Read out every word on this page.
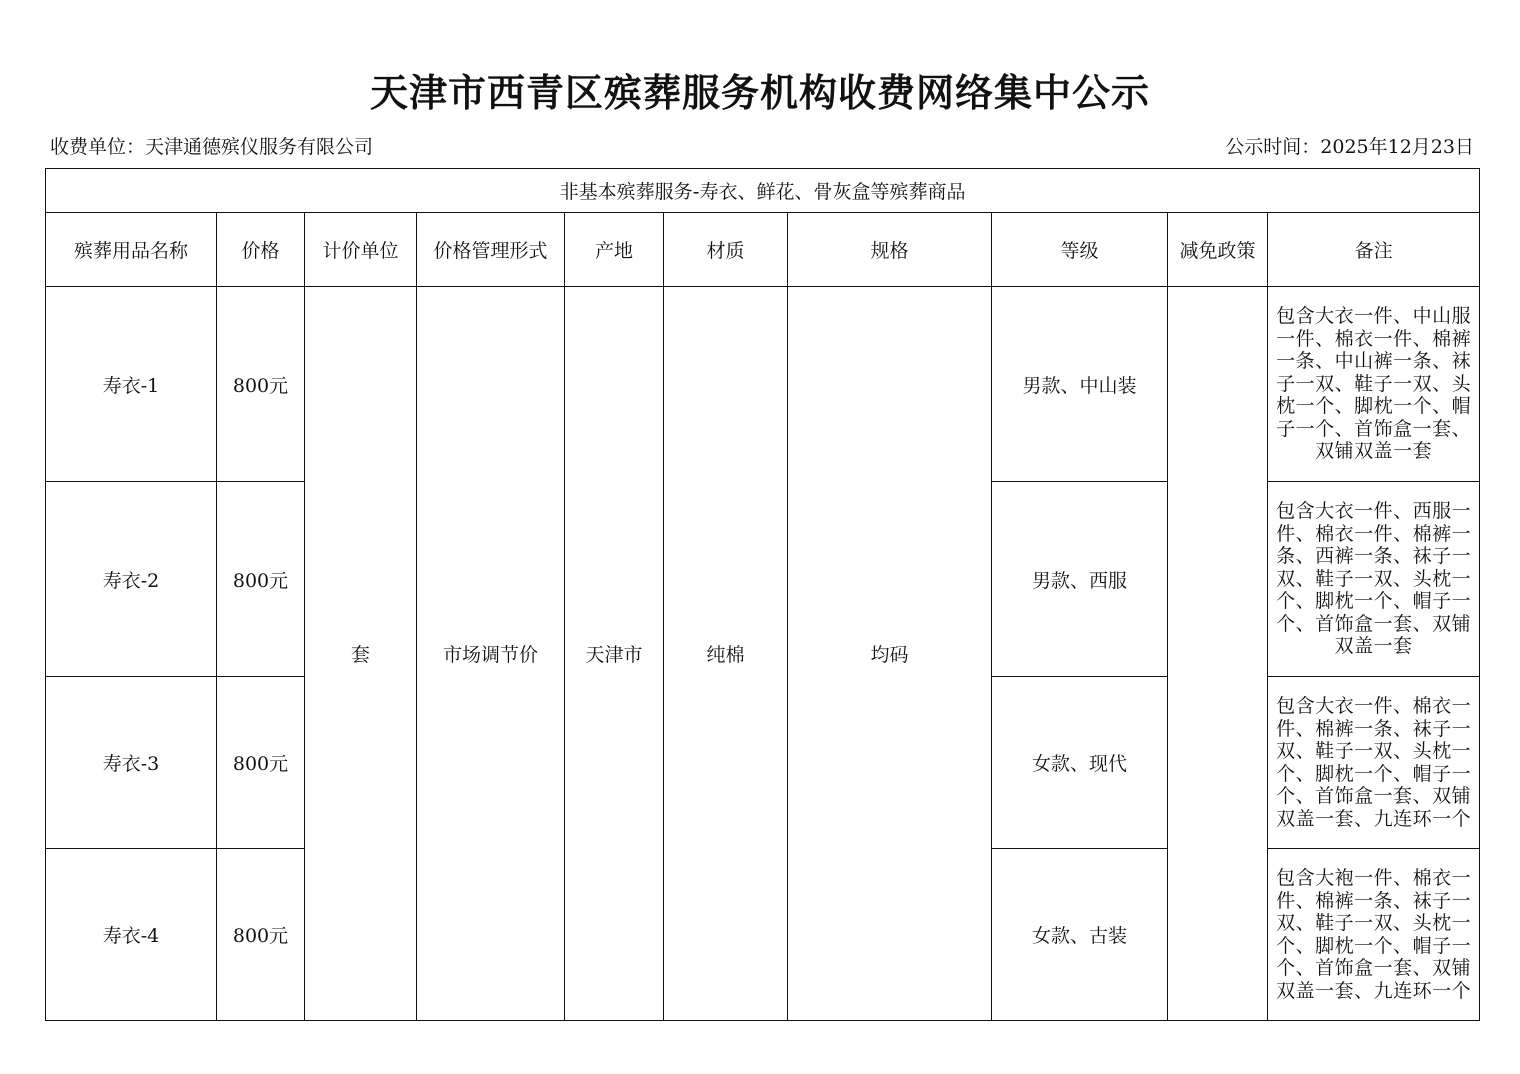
天津市西青区殡葬服务机构收费网络集中公示
收费单位：天津通德殡仪服务有限公司	公示时间：2025年12月23日
非基本殡葬服务-寿衣、鲜花、骨灰盒等殡葬商品									
殡葬用品名称	价格	计价单位	价格管理形式	产地	材质	规格	等级	减免政策	备注
寿衣-1	800元	套	市场调节价	天津市	纯棉	均码	男款、中山装		包含大衣一件、中山服一件、棉衣一件、棉裤一条、中山裤一条、袜子一双、鞋子一双、头枕一个、脚枕一个、帽子一个、首饰盒一套、双铺双盖一套
寿衣-2	800元						男款、西服		包含大衣一件、西服一件、棉衣一件、棉裤一条、西裤一条、袜子一双、鞋子一双、头枕一个、脚枕一个、帽子一个、首饰盒一套、双铺双盖一套
寿衣-3	800元						女款、现代		包含大衣一件、棉衣一件、棉裤一条、袜子一双、鞋子一双、头枕一个、脚枕一个、帽子一个、首饰盒一套、双铺双盖一套、九连环一个
寿衣-4	800元						女款、古装		包含大袍一件、棉衣一件、棉裤一条、袜子一双、鞋子一双、头枕一个、脚枕一个、帽子一个、首饰盒一套、双铺双盖一套、九连环一个
